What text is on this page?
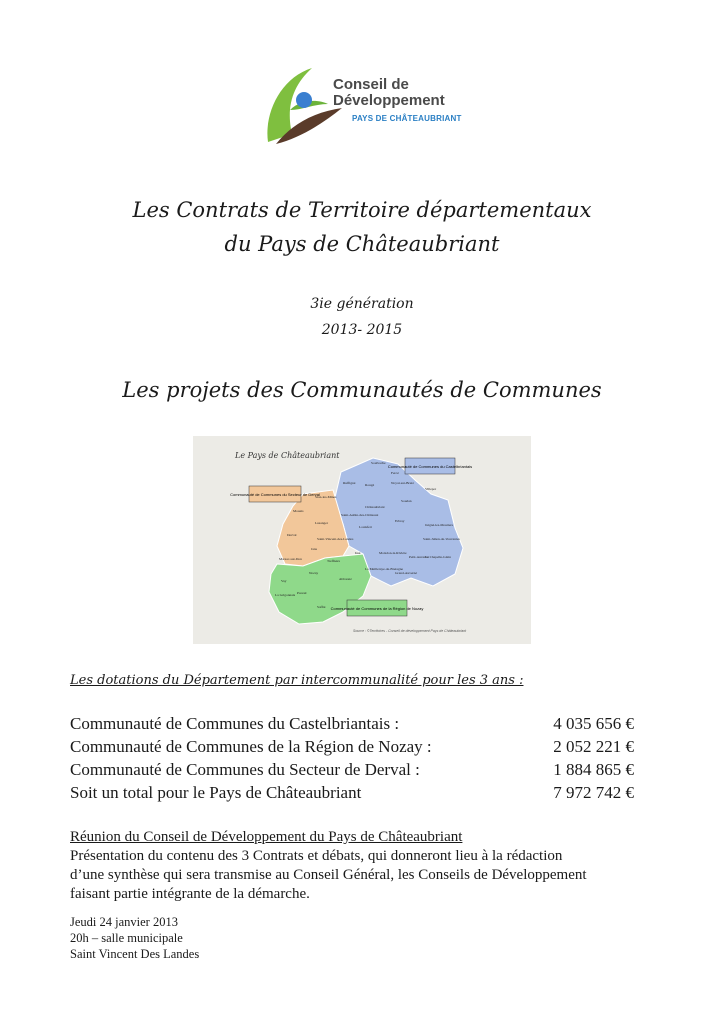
Conseil de
Développement
PAYS DE CHÂTEAUBRIANT
Les Contrats de Territoire départementaux
du Pays de Châteaubriant
3ie génération
2013- 2015
Les projets des Communautés de Communes
Le Pays de Châteaubriant
Communauté de Communes du Castelbriantais
Communauté de Communes du Secteur de Derval
Communauté de Communes de la Région de Nozay
Source : ©Territoires - Conseil de développement Pays de Châteaubriant
Soudan
Erbray
Châteaubriant
Rougé
Ruffigné
Fercé
Villepot
Noyal-sur-Brutz
Soulvache
Juigné-les-Moutiers
Saint-Julien-de-Vouvantes
La Chapelle-Glain
Petit-Auverné
Grand-Auverné
Moisdon-la-Rivière
Issé
Louisfert
Saint-Aubin-des-Châteaux
Sion-les-Mines
Mouais
Lusanger
Saint-Vincent-des-Landes
Derval
Jans
Treffieux
Marsac-sur-Don
Nozay
Abbaretz
Vay
La Grigonnais Puceul
Saffré
La Meilleraye-de-Bretagne
Les dotations du Département par intercommunalité pour les 3 ans :
Communauté de Communes du Castelbriantais :	4 035 656 €
Communauté de Communes de la Région de Nozay :	2 052 221 €
Communauté de Communes du Secteur de Derval :	1 884 865 €
Soit un total pour le Pays de Châteaubriant	7 972 742 €
Réunion du Conseil de Développement du Pays de Châteaubriant
Présentation du contenu des 3 Contrats et débats, qui donneront lieu à la rédaction
d’une synthèse qui sera transmise au Conseil Général, les Conseils de Développement
faisant partie intégrante de la démarche.
Jeudi 24 janvier 2013
20h – salle municipale
Saint Vincent Des Landes
